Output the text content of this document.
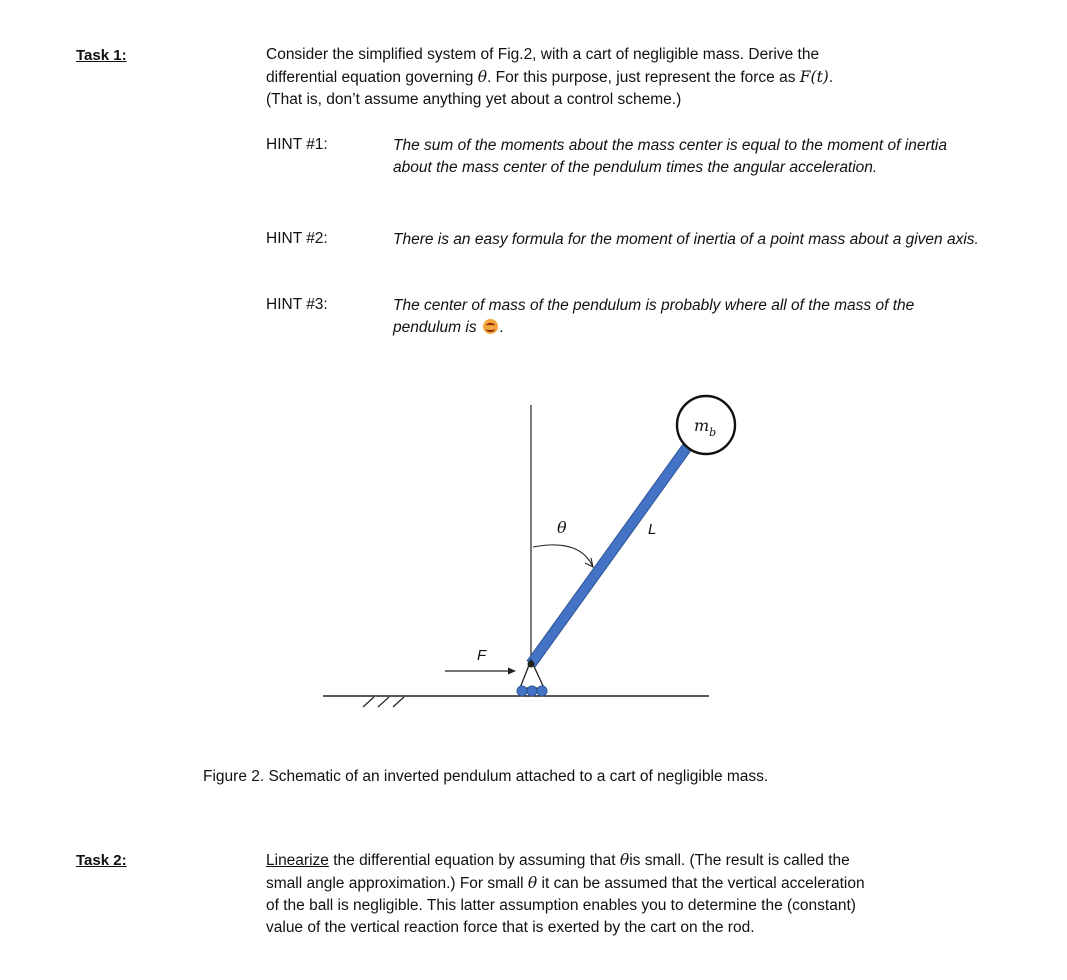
Task 1:	Consider the simplified system of Fig.2, with a cart of negligible mass. Derive the
differential equation governing θ. For this purpose, just represent the force as F(t).
(That is, don’t assume anything yet about a control scheme.)
HINT #1:	The sum of the moments about the mass center is equal to the moment of inertia about the mass center of the pendulum times the angular acceleration.
HINT #2:	There is an easy formula for the moment of inertia of a point mass about a given axis.
HINT #3:	The center of mass of the pendulum is probably where all of the mass of the pendulum is .
$m_b$
θ	L
F
Figure 2. Schematic of an inverted pendulum attached to a cart of negligible mass.
Task 2:	Linearize the differential equation by assuming that θis small. (The result is called the
small angle approximation.) For small θ it can be assumed that the vertical acceleration
of the ball is negligible. This latter assumption enables you to determine the (constant)
value of the vertical reaction force that is exerted by the cart on the rod.
